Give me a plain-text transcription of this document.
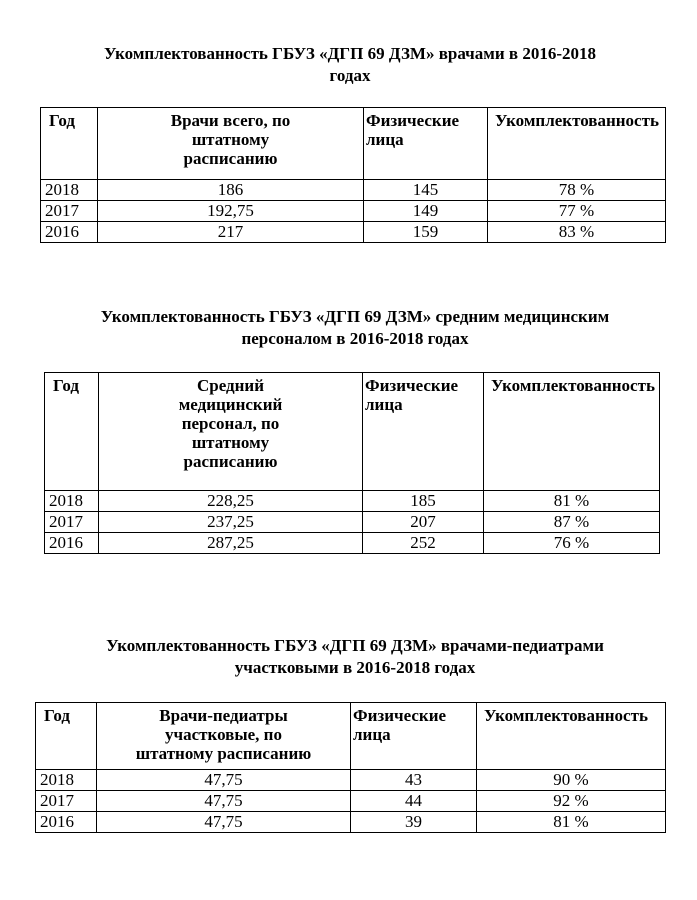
Укомплектованность ГБУЗ «ДГП 69 ДЗМ» врачами в 2016-2018
годах
Год	Врачи всего, по
штатному
расписанию	Физические
лица	Укомплектованность
2018	186	145	78 %
2017	192,75	149	77 %
2016	217	159	83 %
Укомплектованность ГБУЗ «ДГП 69 ДЗМ» средним медицинским
персоналом в 2016-2018 годах
Год	Средний
медицинский
персонал, по
штатному
расписанию	Физические
лица	Укомплектованность
2018	228,25	185	81 %
2017	237,25	207	87 %
2016	287,25	252	76 %
Укомплектованность ГБУЗ «ДГП 69 ДЗМ» врачами-педиатрами
участковыми в 2016-2018 годах
Год	Врачи-педиатры
участковые, по
штатному расписанию	Физические
лица	Укомплектованность
2018	47,75	43	90 %
2017	47,75	44	92 %
2016	47,75	39	81 %
